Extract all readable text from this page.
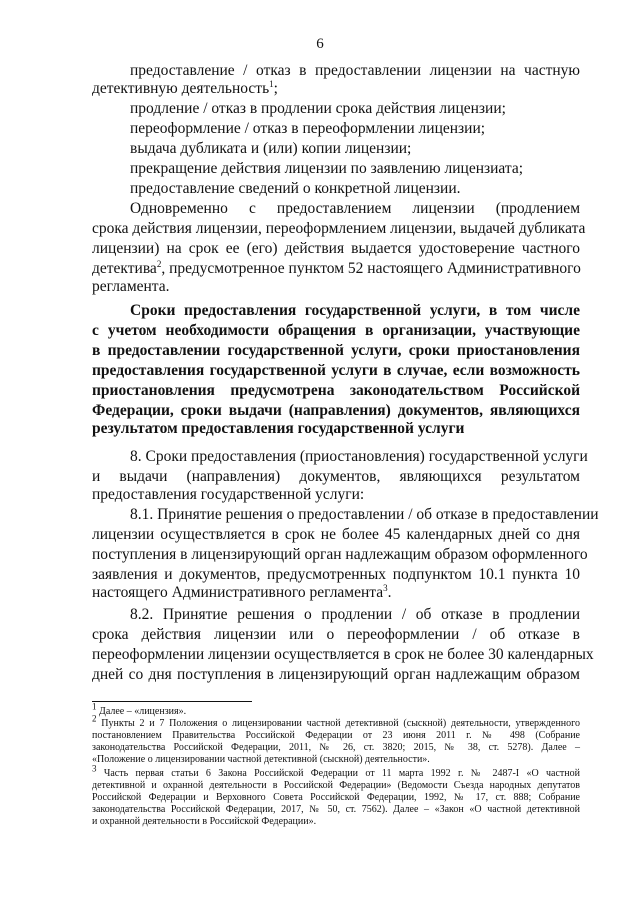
6
предоставление / отказ в предоставлении лицензии на частную
детективную деятельность$^1$;
продление / отказ в продлении срока действия лицензии;
переоформление / отказ в переоформлении лицензии;
выдача дубликата и (или) копии лицензии;
прекращение действия лицензии по заявлению лицензиата;
предоставление сведений о конкретной лицензии.
Одновременно с предоставлением лицензии (продлением
срока действия лицензии, переоформлением лицензии, выдачей дубликата
лицензии) на срок ее (его) действия выдается удостоверение частного
детектива$^2$, предусмотренное пунктом 52 настоящего Административного
регламента.
Сроки предоставления государственной услуги, в том числе
с учетом необходимости обращения в организации, участвующие
в предоставлении государственной услуги, сроки приостановления
предоставления государственной услуги в случае, если возможность
приостановления предусмотрена законодательством Российской
Федерации, сроки выдачи (направления) документов, являющихся
результатом предоставления государственной услуги
8. Сроки предоставления (приостановления) государственной услуги
и выдачи (направления) документов, являющихся результатом
предоставления государственной услуги:
8.1. Принятие решения о предоставлении / об отказе в предоставлении
лицензии осуществляется в срок не более 45 календарных дней со дня
поступления в лицензирующий орган надлежащим образом оформленного
заявления и документов, предусмотренных подпунктом 10.1 пункта 10
настоящего Административного регламента$^3$.
8.2. Принятие решения о продлении / об отказе в продлении
срока действия лицензии или о переоформлении / об отказе в
переоформлении лицензии осуществляется в срок не более 30 календарных
дней со дня поступления в лицензирующий орган надлежащим образом
$^1$ Далее – «лицензия».
$^2$ Пункты 2 и 7 Положения о лицензировании частной детективной (сыскной) деятельности, утвержденного
постановлением Правительства Российской Федерации от 23 июня 2011 г. № 498 (Собрание
законодательства Российской Федерации, 2011, № 26, ст. 3820; 2015, № 38, ст. 5278). Далее –
«Положение о лицензировании частной детективной (сыскной) деятельности».
$^3$ Часть первая статьи 6 Закона Российской Федерации от 11 марта 1992 г. № 2487-I «О частной
детективной и охранной деятельности в Российской Федерации» (Ведомости Съезда народных депутатов
Российской Федерации и Верховного Совета Российской Федерации, 1992, № 17, ст. 888; Собрание
законодательства Российской Федерации, 2017, № 50, ст. 7562). Далее – «Закон «О частной детективной
и охранной деятельности в Российской Федерации».
